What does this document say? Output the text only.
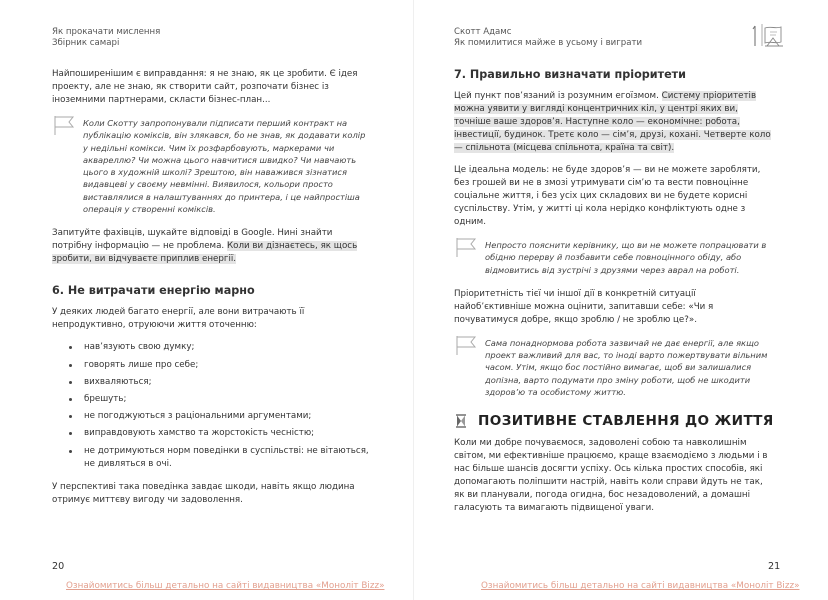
Як прокачати мислення
Збірник самарі

Найпоширенішим є виправдання: я не знаю, як це зробити. Є ідея проекту, але не знаю, як створити сайт, розпочати бізнес із іноземними партнерами, скласти бізнес-план...

Коли Скотту запропонували підписати перший контракт на публікацію коміксів, він злякався, бо не знав, як додавати колір у недільні комікси. Чим їх розфарбовують, маркерами чи аквареллю? Чи можна цього навчитися швидко? Чи навчають цього в художній школі? Зрештою, він наважився зізнатися видавцеві у своєму невмінні. Виявилося, кольори просто виставлялися в налаштуваннях до принтера, і це найпростіша операція у створенні коміксів.

Запитуйте фахівців, шукайте відповіді в Google. Нині знайти потрібну інформацію — не проблема. Коли ви дізнаєтесь, як щось зробити, ви відчуваєте приплив енергії.

6. Не витрачати енергію марно

У деяких людей багато енергії, але вони витрачають її непродуктивно, отруюючи життя оточенню:

нав’язують свою думку;
говорять лише про себе;
вихваляються;
брешуть;
не погоджуються з раціональними аргументами;
виправдовують хамство та жорстокість чесністю;
не дотримуються норм поведінки в суспільстві: не вітаються, не дивляться в очі.

У перспективі така поведінка завдає шкоди, навіть якщо людина отримує миттєву вигоду чи задоволення.

20
Ознайомитись більш детально на сайті видавництва «Моноліт Bizz»
Скотт Адамс
Як помилитися майже в усьому і виграти
7. Правильно визначати пріоритети

Цей пункт пов’язаний із розумним егоїзмом. Систему пріоритетів можна уявити у вигляді концентричних кіл, у центрі яких ви, точніше ваше здоров’я. Наступне коло — економічне: робота, інвестиції, будинок. Третє коло — сім’я, друзі, кохані. Четверте коло — спільнота (місцева спільнота, країна та світ).

Це ідеальна модель: не буде здоров’я — ви не можете заробляти, без грошей ви не в змозі утримувати сім’ю та вести повноцінне соціальне життя, і без усіх цих складових ви не будете корисні суспільству. Утім, у житті ці кола нерідко конфліктують одне з одним.

Непросто пояснити керівнику, що ви не можете попрацювати в обідню перерву й позбавити себе повноцінного обіду, або відмовитись від зустрічі з друзями через аврал на роботі.

Пріоритетність тієї чи іншої дії в конкретній ситуації найоб’єктивніше можна оцінити, запитавши себе: «Чи я почуватимуся добре, якщо зроблю / не зроблю це?».

Сама понаднормова робота зазвичай не дає енергії, але якщо проект важливий для вас, то іноді варто пожертвувати вільним часом. Утім, якщо бос постійно вимагає, щоб ви залишалися допізна, варто подумати про зміну роботи, щоб не шкодити здоров’ю та особистому життю.
ПОЗИТИВНЕ СТАВЛЕННЯ ДО ЖИТТЯ

Коли ми добре почуваємося, задоволені собою та навколишнім світом, ми ефективніше працюємо, краще взаємодіємо з людьми і в нас більше шансів досягти успіху. Ось кілька простих способів, які допомагають поліпшити настрій, навіть коли справи йдуть не так, як ви планували, погода огидна, бос незадоволений, а домашні галасують та вимагають підвищеної уваги.

21
Ознайомитись більш детально на сайті видавництва «Моноліт Bizz»
